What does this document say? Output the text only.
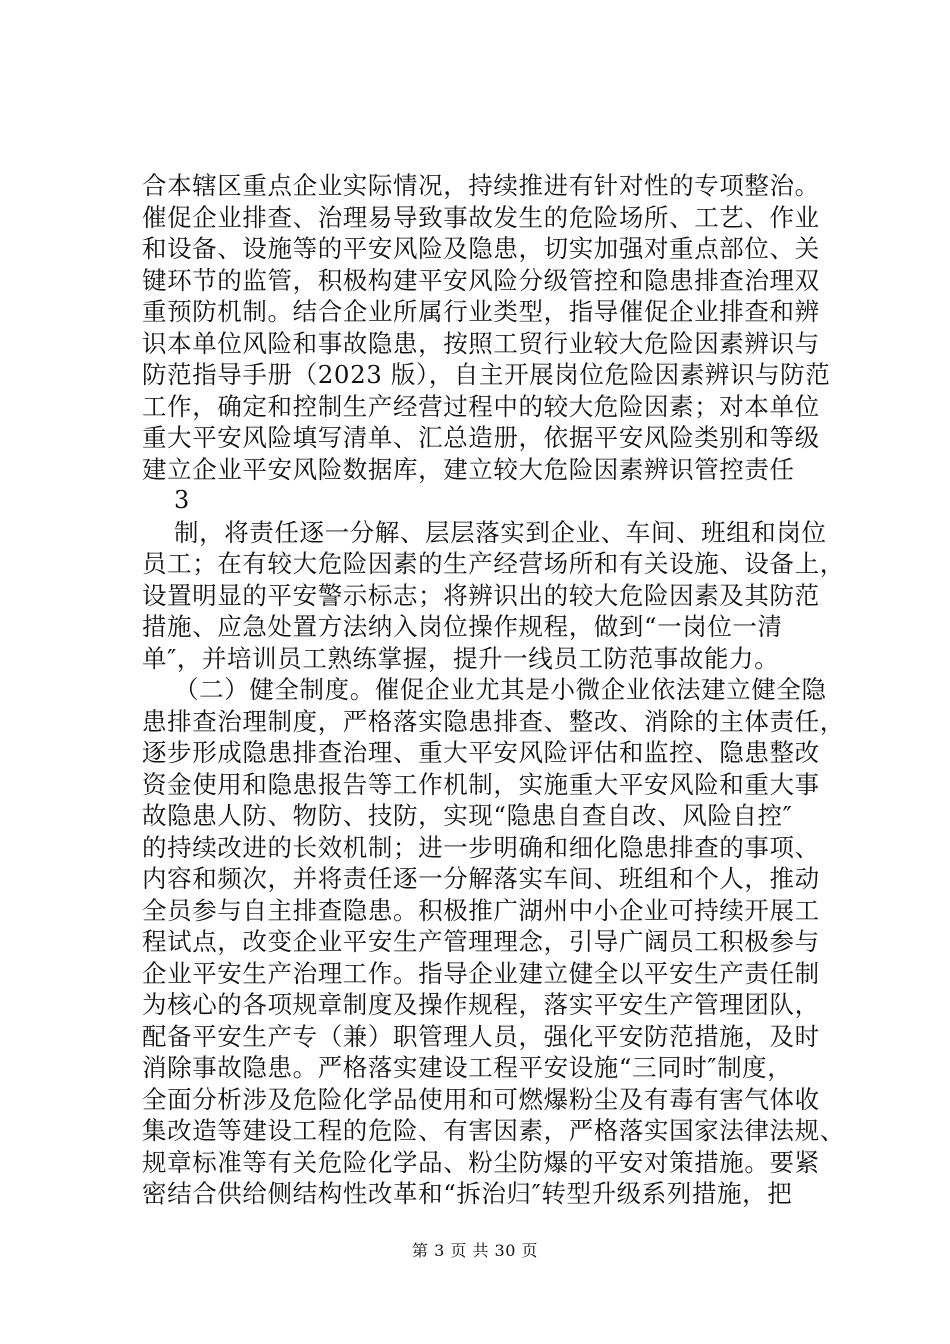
合本辖区重点企业实际情况，持续推进有针对性的专项整治。
催促企业排查、治理易导致事故发生的危险场所、工艺、作业
和设备、设施等的平安风险及隐患，切实加强对重点部位、关
键环节的监管，积极构建平安风险分级管控和隐患排查治理双
重预防机制。结合企业所属行业类型，指导催促企业排查和辨
识本单位风险和事故隐患，按照工贸行业较大危险因素辨识与
防范指导手册（2023 版），自主开展岗位危险因素辨识与防范
工作，确定和控制生产经营过程中的较大危险因素；对本单位
重大平安风险填写清单、汇总造册，依据平安风险类别和等级
建立企业平安风险数据库，建立较大危险因素辨识管控责任
3
制，将责任逐一分解、层层落实到企业、车间、班组和岗位
员工；在有较大危险因素的生产经营场所和有关设施、设备上，
设置明显的平安警示标志；将辨识出的较大危险因素及其防范
措施、应急处置方法纳入岗位操作规程，做到“一岗位一清
单″，并培训员工熟练掌握，提升一线员工防范事故能力。
（二）健全制度。催促企业尤其是小微企业依法建立健全隐
患排查治理制度，严格落实隐患排查、整改、消除的主体责任，
逐步形成隐患排查治理、重大平安风险评估和监控、隐患整改
资金使用和隐患报告等工作机制，实施重大平安风险和重大事
故隐患人防、物防、技防，实现“隐患自查自改、风险自控″
的持续改进的长效机制；进一步明确和细化隐患排查的事项、
内容和频次，并将责任逐一分解落实车间、班组和个人，推动
全员参与自主排查隐患。积极推广湖州中小企业可持续开展工
程试点，改变企业平安生产管理理念，引导广阔员工积极参与
企业平安生产治理工作。指导企业建立健全以平安生产责任制
为核心的各项规章制度及操作规程，落实平安生产管理团队，
配备平安生产专（兼）职管理人员，强化平安防范措施，及时
消除事故隐患。严格落实建设工程平安设施“三同时″制度，
全面分析涉及危险化学品使用和可燃爆粉尘及有毒有害气体收
集改造等建设工程的危险、有害因素，严格落实国家法律法规、
规章标准等有关危险化学品、粉尘防爆的平安对策措施。要紧
密结合供给侧结构性改革和“拆治归″转型升级系列措施，把
第 3 页 共 30 页
